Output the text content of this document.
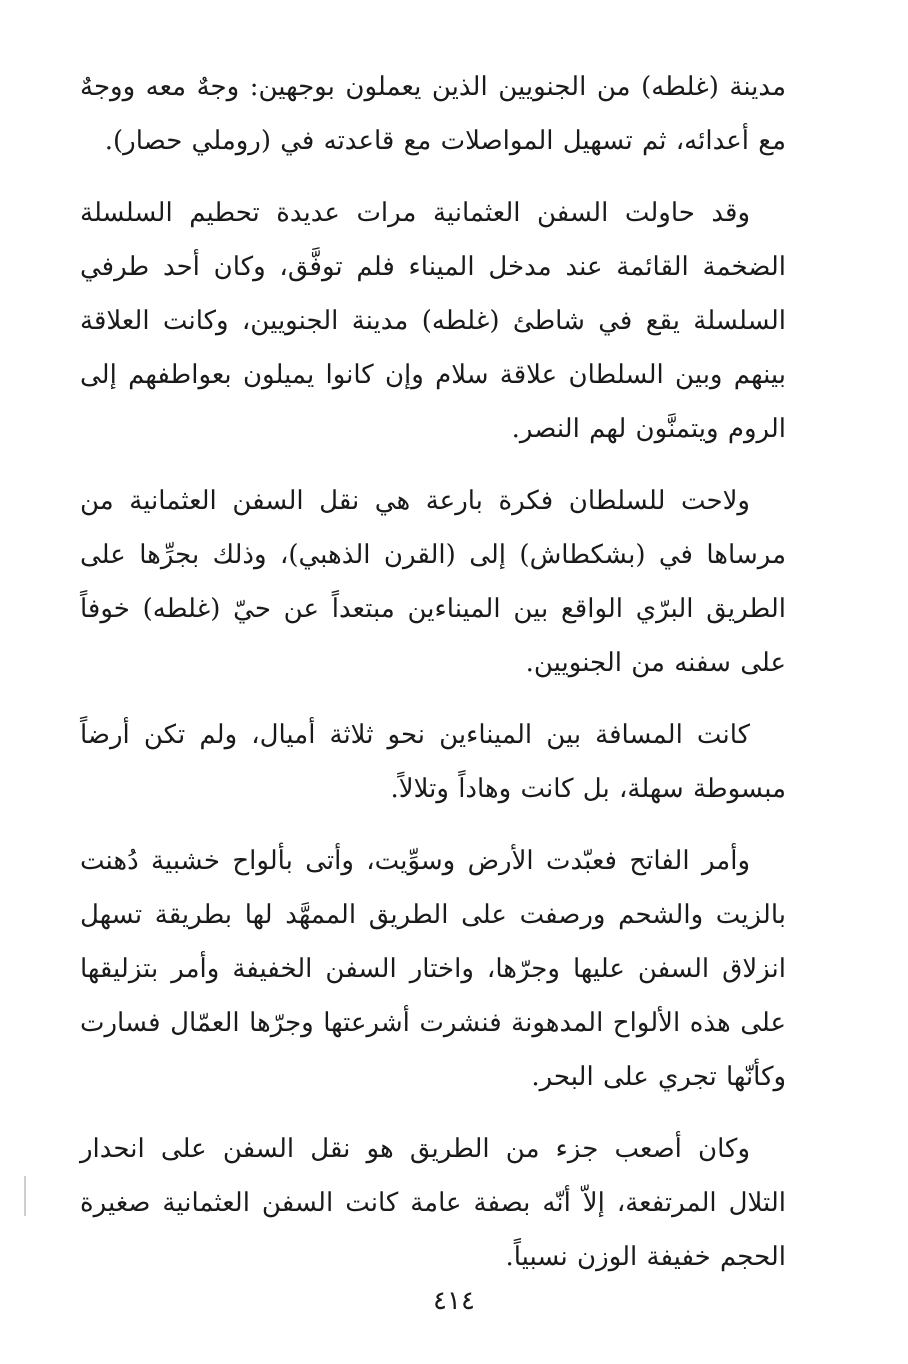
مدينة (غلطه) من الجنويين الذين يعملون بوجهين: وجهٌ معه ووجهٌ مع أعدائه، ثم تسهيل المواصلات مع قاعدته في (روملي حصار).

وقد حاولت السفن العثمانية مرات عديدة تحطيم السلسلة الضخمة القائمة عند مدخل الميناء فلم توفَّق، وكان أحد طرفي السلسلة يقع في شاطئ (غلطه) مدينة الجنويين، وكانت العلاقة بينهم وبين السلطان علاقة سلام وإن كانوا يميلون بعواطفهم إلى الروم ويتمنَّون لهم النصر.

ولاحت للسلطان فكرة بارعة هي نقل السفن العثمانية من مرساها في (بشكطاش) إلى (القرن الذهبي)، وذلك بجرِّها على الطريق البرّي الواقع بين الميناءين مبتعداً عن حيّ (غلطه) خوفاً على سفنه من الجنويين.

كانت المسافة بين الميناءين نحو ثلاثة أميال، ولم تكن أرضاً مبسوطة سهلة، بل كانت وهاداً وتلالاً.

وأمر الفاتح فعبّدت الأرض وسوِّيت، وأتى بألواح خشبية دُهنت بالزيت والشحم ورصفت على الطريق الممهَّد لها بطريقة تسهل انزلاق السفن عليها وجرّها، واختار السفن الخفيفة وأمر بتزليقها على هذه الألواح المدهونة فنشرت أشرعتها وجرّها العمّال فسارت وكأنّها تجري على البحر.

وكان أصعب جزء من الطريق هو نقل السفن على انحدار التلال المرتفعة، إلاّ أنّه بصفة عامة كانت السفن العثمانية صغيرة الحجم خفيفة الوزن نسبياً.

٤١٤
